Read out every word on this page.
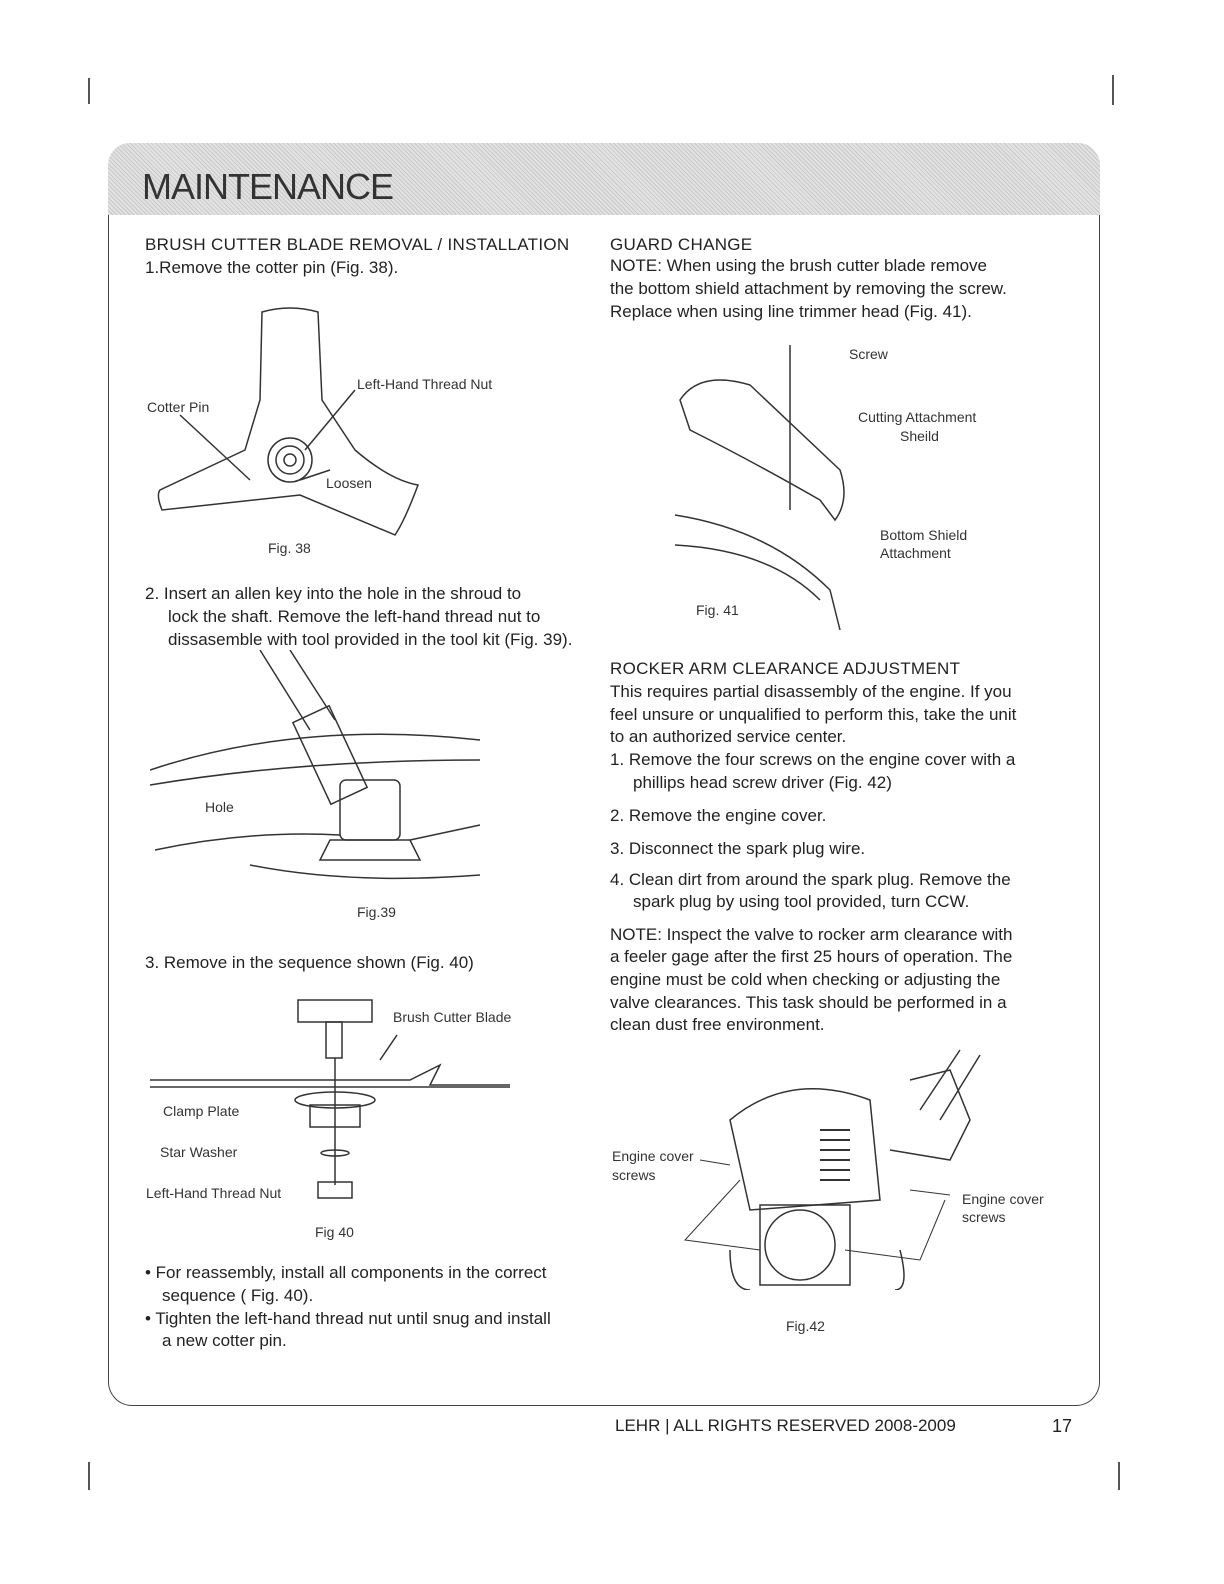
MAINTENANCE
BRUSH CUTTER BLADE REMOVAL / INSTALLATION
1.Remove the cotter pin (Fig. 38).
Left-Hand Thread Nut
Cotter Pin
Loosen
Fig. 38
2. Insert an allen key into the hole in the shroud to
lock the shaft. Remove the left-hand thread nut to
dissasemble with tool provided in the tool kit (Fig. 39).
Hole
Fig.39
3. Remove in the sequence shown (Fig. 40)
Brush Cutter Blade
Clamp Plate
Star Washer
Left-Hand Thread Nut
Fig 40
• For reassembly, install all components in the correct
sequence ( Fig. 40).
• Tighten the left-hand thread nut until snug and install
a new cotter pin.
GUARD CHANGE
NOTE: When using the brush cutter blade remove
the bottom shield attachment by removing the screw.
Replace when using line trimmer head (Fig. 41).
Screw
Cutting Attachment
Sheild
Bottom Shield
Attachment
Fig. 41
ROCKER ARM CLEARANCE ADJUSTMENT
This requires partial disassembly of the engine. If you
feel unsure or unqualified to perform this, take the unit
to an authorized service center.
1. Remove the four screws on the engine cover with a
phillips head screw driver (Fig. 42)
2. Remove the engine cover.
3. Disconnect the spark plug wire.
4. Clean dirt from around the spark plug. Remove the
spark plug by using tool provided, turn CCW.
NOTE: Inspect the valve to rocker arm clearance with
a feeler gage after the first 25 hours of operation. The
engine must be cold when checking or adjusting the
valve clearances. This task should be performed in a
clean dust free environment.
Engine cover
screws
Engine cover
screws
Fig.42
LEHR | ALL RIGHTS RESERVED 2008-2009	17
